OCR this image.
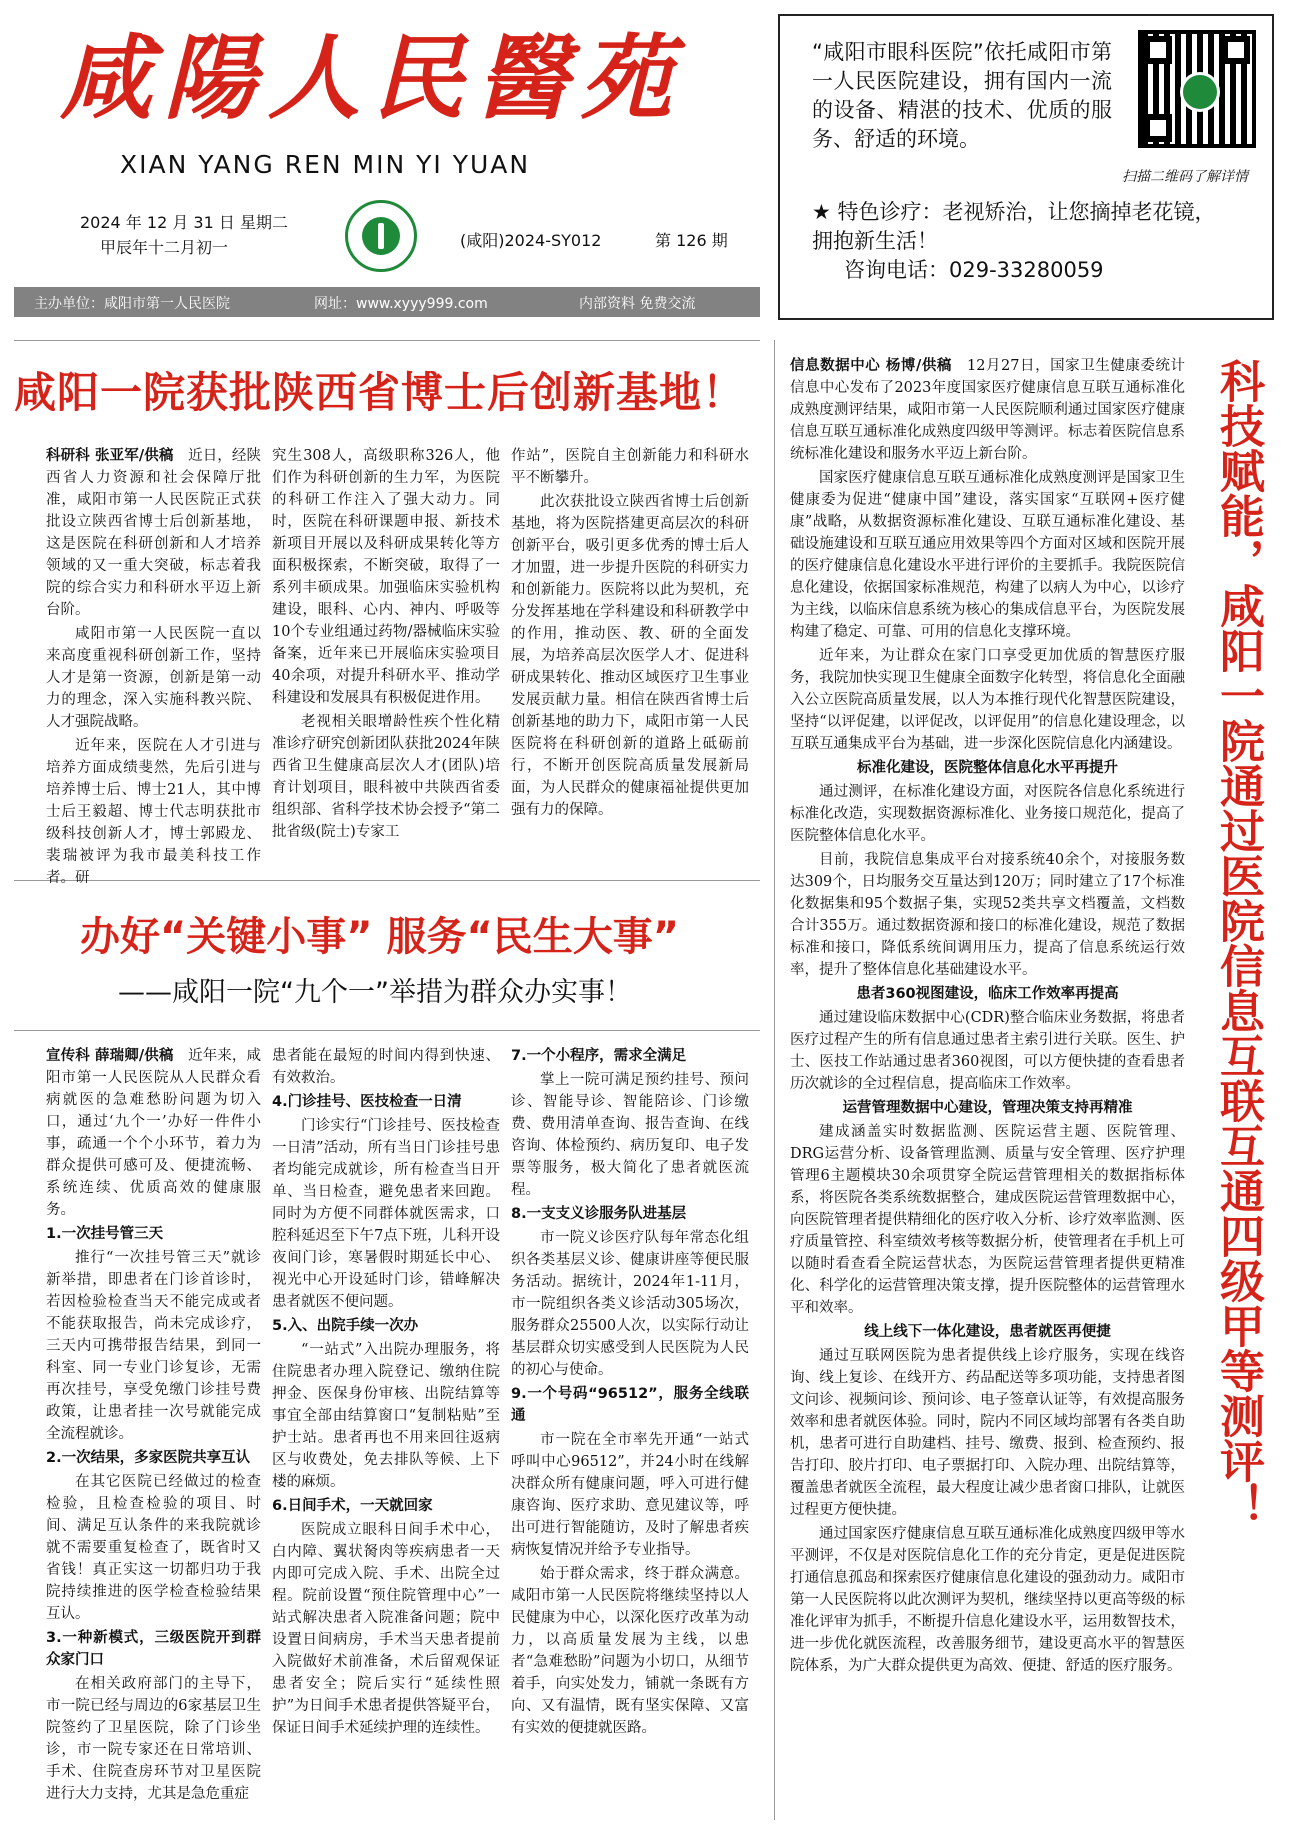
咸陽人民醫苑
XIAN YANG REN MIN YI YUAN
2024 年 12 月 31 日 星期二
甲辰年十二月初一	(咸阳)2024-SY012	第 126 期
主办单位：咸阳市第一人民医院	网址：www.xyyy999.com	内部资料 免费交流
“咸阳市眼科医院”依托咸阳市第一人民医院建设，拥有国内一流的设备、精湛的技术、优质的服务、舒适的环境。
扫描二维码了解详情
★ 特色诊疗：老视矫治，让您摘掉老花镜，拥抱新生活！
咨询电话：029-33280059
咸阳一院获批陕西省博士后创新基地！

科研科 张亚军/供稿　 近日，经陕西省人力资源和社会保障厅批准，咸阳市第一人民医院正式获批设立陕西省博士后创新基地，这是医院在科研创新和人才培养领域的又一重大突破，标志着我院的综合实力和科研水平迈上新台阶。

咸阳市第一人民医院一直以来高度重视科研创新工作，坚持人才是第一资源，创新是第一动力的理念，深入实施科教兴院、人才强院战略。

近年来，医院在人才引进与培养方面成绩斐然，先后引进与培养博士后、博士21人，其中博士后王毅超、博士代志明获批市级科技创新人才，博士郭殿龙、裴瑞被评为我市最美科技工作者。研

究生308人，高级职称326人，他们作为科研创新的生力军，为医院的科研工作注入了强大动力。同时，医院在科研课题申报、新技术新项目开展以及科研成果转化等方面积极探索，不断突破，取得了一系列丰硕成果。加强临床实验机构建设，眼科、心内、神内、呼吸等10个专业组通过药物/器械临床实验备案，近年来已开展临床实验项目40余项，对提升科研水平、推动学科建设和发展具有积极促进作用。

老视相关眼增龄性疾个性化精准诊疗研究创新团队获批2024年陕西省卫生健康高层次人才(团队)培育计划项目，眼科被中共陕西省委组织部、省科学技术协会授予“第二批省级(院士)专家工

作站”，医院自主创新能力和科研水平不断攀升。

此次获批设立陕西省博士后创新基地，将为医院搭建更高层次的科研创新平台，吸引更多优秀的博士后人才加盟，进一步提升医院的科研实力和创新能力。医院将以此为契机，充分发挥基地在学科建设和科研教学中的作用，推动医、教、研的全面发展，为培养高层次医学人才、促进科研成果转化、推动区域医疗卫生事业发展贡献力量。相信在陕西省博士后创新基地的助力下，咸阳市第一人民医院将在科研创新的道路上砥砺前行，不断开创医院高质量发展新局面，为人民群众的健康福祉提供更加强有力的保障。

办好“关键小事” 服务“民生大事”
——咸阳一院“九个一”举措为群众办实事！

宣传科 薛瑞卿/供稿　 近年来，咸阳市第一人民医院从人民群众看病就医的急难愁盼问题为切入口，通过‘九个一’办好一件件小事，疏通一个个小环节，着力为群众提供可感可及、便捷流畅、系统连续、优质高效的健康服务。

1.一次挂号管三天

推行“一次挂号管三天”就诊新举措，即患者在门诊首诊时，若因检验检查当天不能完成或者不能获取报告，尚未完成诊疗，三天内可携带报告结果，到同一科室、同一专业门诊复诊，无需再次挂号，享受免缴门诊挂号费政策，让患者挂一次号就能完成全流程就诊。

2.一次结果，多家医院共享互认

在其它医院已经做过的检查检验，且检查检验的项目、时间、满足互认条件的来我院就诊就不需要重复检查了，既省时又省钱！真正实这一切都归功于我院持续推进的医学检查检验结果互认。

3.一种新模式，三级医院开到群众家门口

在相关政府部门的主导下，市一院已经与周边的6家基层卫生院签约了卫星医院，除了门诊坐诊，市一院专家还在日常培训、手术、住院查房环节对卫星医院进行大力支持，尤其是急危重症

患者能在最短的时间内得到快速、有效救治。

4.门诊挂号、医技检查一日清

门诊实行“门诊挂号、医技检查一日清”活动，所有当日门诊挂号患者均能完成就诊，所有检查当日开单、当日检查，避免患者来回跑。同时为方便不同群体就医需求，口腔科延迟至下午7点下班，儿科开设夜间门诊，寒暑假时期延长中心、视光中心开设延时门诊，错峰解决患者就医不便问题。

5.入、出院手续一次办

“一站式”入出院办理服务，将住院患者办理入院登记、缴纳住院押金、医保身份审核、出院结算等事宜全部由结算窗口“复制粘贴”至护士站。患者再也不用来回往返病区与收费处，免去排队等候、上下楼的麻烦。

6.日间手术，一天就回家

医院成立眼科日间手术中心，白内障、翼状胬肉等疾病患者一天内即可完成入院、手术、出院全过程。院前设置“预住院管理中心”一站式解决患者入院准备问题；院中设置日间病房，手术当天患者提前入院做好术前准备，术后留观保证患者安全；院后实行“延续性照护”为日间手术患者提供答疑平台，保证日间手术延续护理的连续性。

7.一个小程序，需求全满足

掌上一院可满足预约挂号、预问诊、智能导诊、智能陪诊、门诊缴费、费用清单查询、报告查询、在线咨询、体检预约、病历复印、电子发票等服务，极大简化了患者就医流程。

8.一支支义诊服务队进基层

市一院义诊医疗队每年常态化组织各类基层义诊、健康讲座等便民服务活动。据统计，2024年1-11月，市一院组织各类义诊活动305场次，服务群众25500人次，以实际行动让基层群众切实感受到人民医院为人民的初心与使命。

9.一个号码“96512”，服务全线联通

市一院在全市率先开通“一站式呼叫中心96512”，并24小时在线解决群众所有健康问题，呼入可进行健康咨询、医疗求助、意见建议等，呼出可进行智能随访，及时了解患者疾病恢复情况并给予专业指导。

始于群众需求，终于群众满意。咸阳市第一人民医院将继续坚持以人民健康为中心，以深化医疗改革为动力，以高质量发展为主线，以患者“急难愁盼”问题为小切口，从细节着手，向实处发力，铺就一条既有方向、又有温情，既有坚实保障、又富有实效的便捷就医路。

信息数据中心 杨博/供稿　 12月27日，国家卫生健康委统计信息中心发布了2023年度国家医疗健康信息互联互通标准化成熟度测评结果，咸阳市第一人民医院顺利通过国家医疗健康信息互联互通标准化成熟度四级甲等测评。标志着医院信息系统标准化建设和服务水平迈上新台阶。

国家医疗健康信息互联互通标准化成熟度测评是国家卫生健康委为促进“健康中国”建设，落实国家“互联网+医疗健康”战略，从数据资源标准化建设、互联互通标准化建设、基础设施建设和互联互通应用效果等四个方面对区域和医院开展的医疗健康信息化建设水平进行评价的主要抓手。我院医院信息化建设，依据国家标准规范，构建了以病人为中心，以诊疗为主线，以临床信息系统为核心的集成信息平台，为医院发展构建了稳定、可靠、可用的信息化支撑环境。

近年来，为让群众在家门口享受更加优质的智慧医疗服务，我院加快实现卫生健康全面数字化转型，将信息化全面融入公立医院高质量发展，以人为本推行现代化智慧医院建设，坚持“以评促建，以评促改，以评促用”的信息化建设理念，以互联互通集成平台为基础，进一步深化医院信息化内涵建设。

标准化建设，医院整体信息化水平再提升

通过测评，在标准化建设方面，对医院各信息化系统进行标准化改造，实现数据资源标准化、业务接口规范化，提高了医院整体信息化水平。

目前，我院信息集成平台对接系统40余个，对接服务数达309个，日均服务交互量达到120万；同时建立了17个标准化数据集和95个数据子集，实现52类共享文档覆盖，文档数合计355万。通过数据资源和接口的标准化建设，规范了数据标准和接口，降低系统间调用压力，提高了信息系统运行效率，提升了整体信息化基础建设水平。

患者360视图建设，临床工作效率再提高

通过建设临床数据中心(CDR)整合临床业务数据，将患者医疗过程产生的所有信息通过患者主索引进行关联。医生、护士、医技工作站通过患者360视图，可以方便快捷的查看患者历次就诊的全过程信息，提高临床工作效率。

运营管理数据中心建设，管理决策支持再精准

建成涵盖实时数据监测、医院运营主题、医院管理、DRG运营分析、设备管理监测、质量与安全管理、医疗护理管理6主题模块30余项贯穿全院运营管理相关的数据指标体系，将医院各类系统数据整合，建成医院运营管理数据中心，向医院管理者提供精细化的医疗收入分析、诊疗效率监测、医疗质量管控、科室绩效考核等数据分析，使管理者在手机上可以随时看查看全院运营状态，为医院运营管理者提供更精准化、科学化的运营管理决策支撑，提升医院整体的运营管理水平和效率。

线上线下一体化建设，患者就医再便捷

通过互联网医院为患者提供线上诊疗服务，实现在线咨询、线上复诊、在线开方、药品配送等多项功能，支持患者图文问诊、视频问诊、预问诊、电子签章认证等，有效提高服务效率和患者就医体验。同时，院内不同区域均部署有各类自助机，患者可进行自助建档、挂号、缴费、报到、检查预约、报告打印、胶片打印、电子票据打印、入院办理、出院结算等，覆盖患者就医全流程，最大程度让减少患者窗口排队，让就医过程更方便快捷。

通过国家医疗健康信息互联互通标准化成熟度四级甲等水平测评，不仅是对医院信息化工作的充分肯定，更是促进医院打通信息孤岛和探索医疗健康信息化建设的强劲动力。咸阳市第一人民医院将以此次测评为契机，继续坚持以更高等级的标准化评审为抓手，不断提升信息化建设水平，运用数智技术，进一步优化就医流程，改善服务细节，建设更高水平的智慧医院体系，为广大群众提供更为高效、便捷、舒适的医疗服务。

科技赋能，咸阳一院通过医院信息互联互通四级甲等测评！
